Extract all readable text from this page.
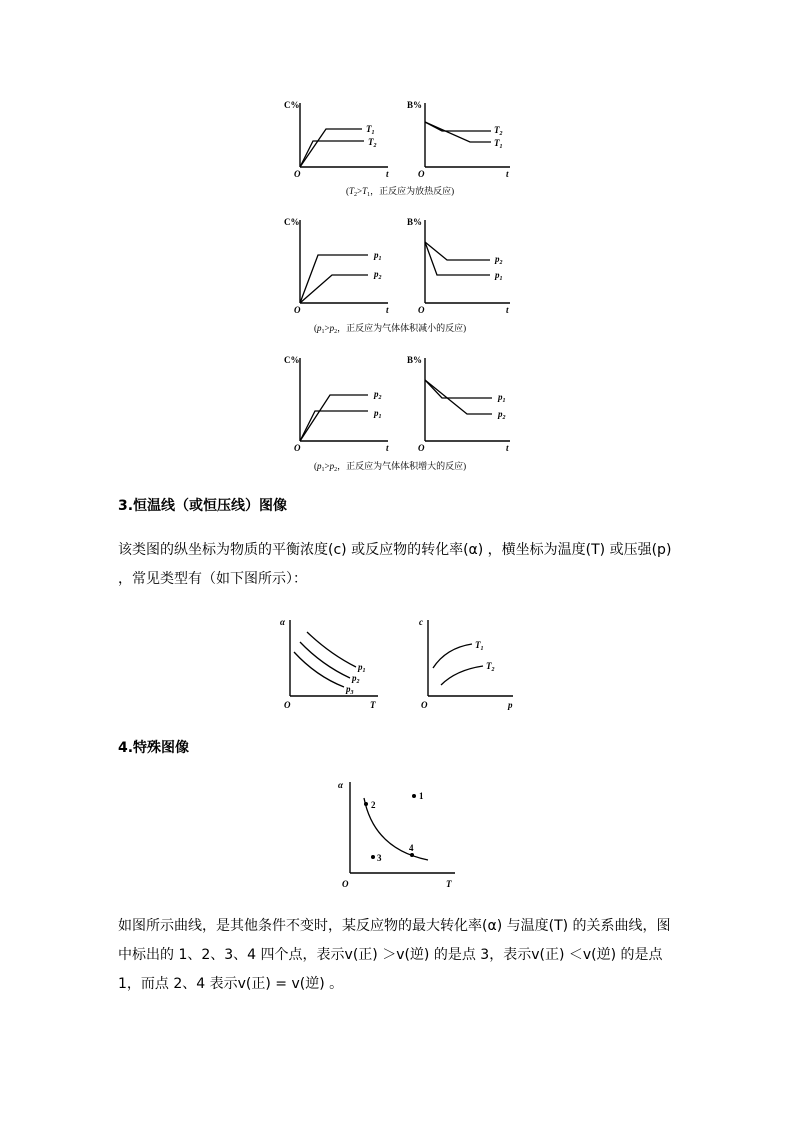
C%
O	t
$T_1$
$T_2$
B%
O	t
$T_2$
$T_1$
($T_2>T_1$，正反应为放热反应)
C%
O	t
$p_1$
$p_2$
B%
O	t
$p_2$
$p_1$
($p_1>p_2$，正反应为气体体积减小的反应)
C%
O	t
$p_2$
$p_1$
B%
O	t
$p_1$
$p_2$
($p_1>p_2$，正反应为气体体积增大的反应)
3.恒温线（或恒压线）图像

该类图的纵坐标为物质的平衡浓度(c) 或反应物的转化率(α) ，横坐标为温度(T) 或压强(p) ，常见类型有（如下图所示）：

α
O	T
$p_1$
$p_2$
$p_3$
c
O	p
$T_1$
$T_2$
4.特殊图像
α
O	T
2
1
3
4

如图所示曲线，是其他条件不变时，某反应物的最大转化率(α) 与温度(T) 的关系曲线，图中标出的 1、2、3、4 四个点，表示v(正) ＞v(逆) 的是点 3，表示v(正) ＜v(逆) 的是点 1，而点 2、4 表示v(正) = v(逆) 。
